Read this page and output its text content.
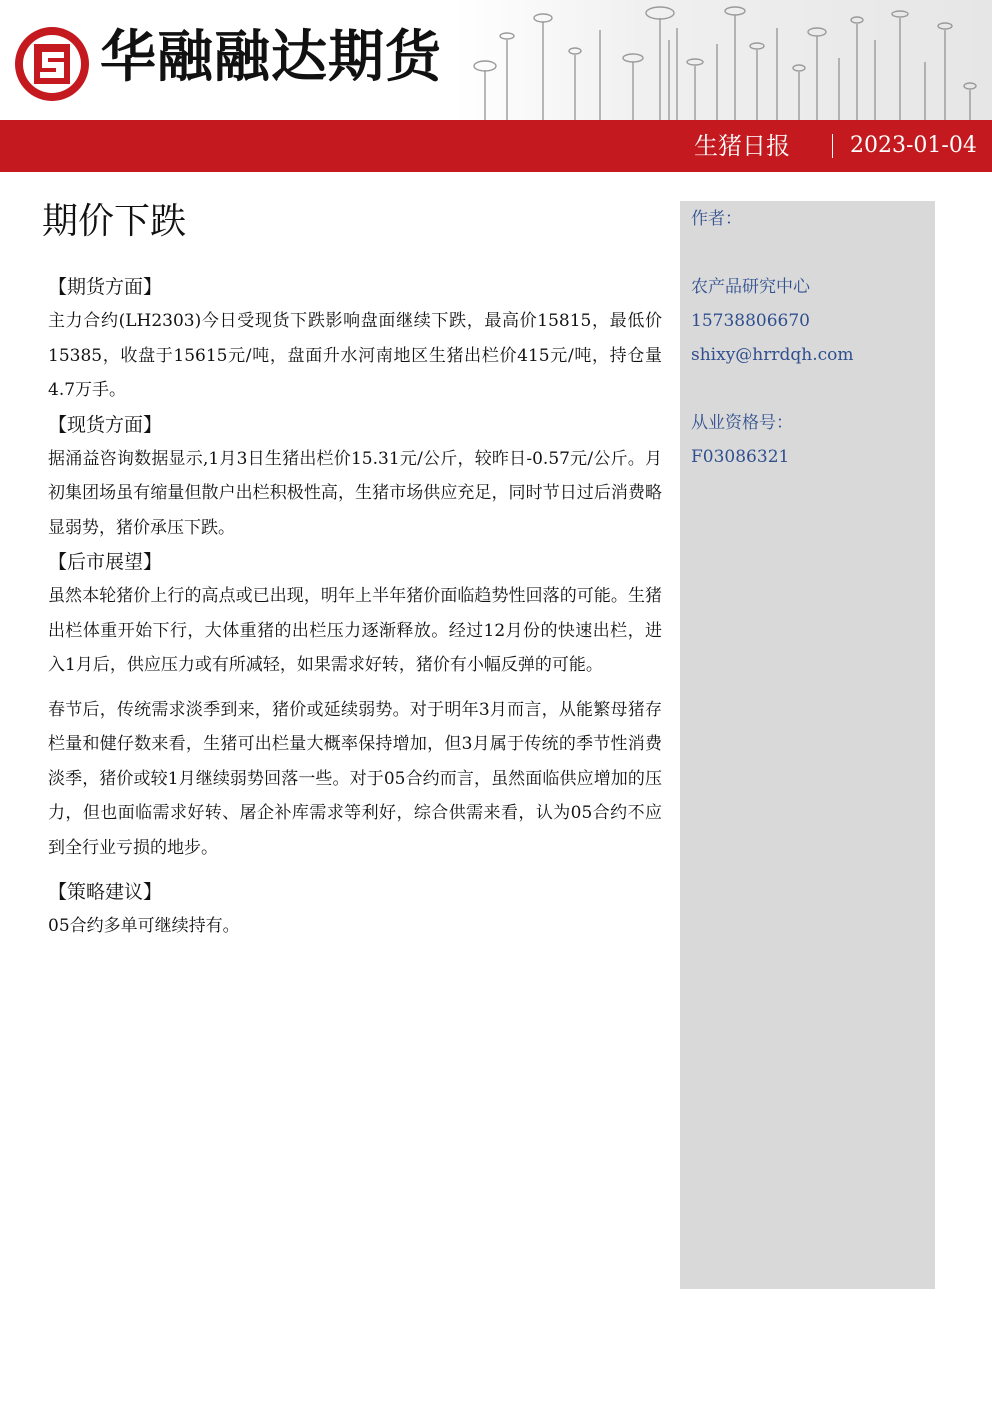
华融融达期货
生猪日报	2023-01-04
期价下跌
【期货方面】

主力合约(LH2303)今日受现货下跌影响盘面继续下跌，最高价15815，最低价15385，收盘于15615元/吨，盘面升水河南地区生猪出栏价415元/吨，持仓量4.7万手。

【现货方面】

据涌益咨询数据显示,1月3日生猪出栏价15.31元/公斤，较昨日-0.57元/公斤。月初集团场虽有缩量但散户出栏积极性高，生猪市场供应充足，同时节日过后消费略显弱势，猪价承压下跌。

【后市展望】

虽然本轮猪价上行的高点或已出现，明年上半年猪价面临趋势性回落的可能。生猪出栏体重开始下行，大体重猪的出栏压力逐渐释放。经过12月份的快速出栏，进入1月后，供应压力或有所减轻，如果需求好转，猪价有小幅反弹的可能。

春节后，传统需求淡季到来，猪价或延续弱势。对于明年3月而言，从能繁母猪存栏量和健仔数来看，生猪可出栏量大概率保持增加，但3月属于传统的季节性消费淡季，猪价或较1月继续弱势回落一些。对于05合约而言，虽然面临供应增加的压力，但也面临需求好转、屠企补库需求等利好，综合供需来看，认为05合约不应到全行业亏损的地步。

【策略建议】

05合约多单可继续持有。

作者：
农产品研究中心
15738806670
shixy@hrrdqh.com
从业资格号：
F03086321
